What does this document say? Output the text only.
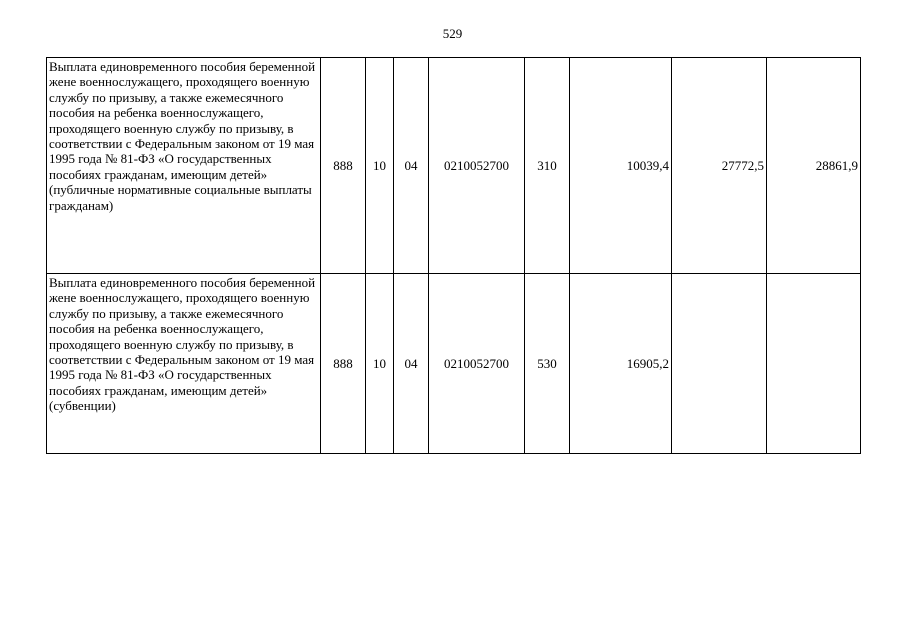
529
Выплата единовременного пособия беременной жене военнослужащего, проходящего военную службу по призыву, а также ежемесячного пособия на ребенка военнослужащего, проходящего военную службу по призыву, в соответствии с Федеральным законом от 19 мая 1995 года № 81-ФЗ «О государственных пособиях гражданам, имеющим детей» (публичные нормативные социальные выплаты гражданам)	888	10	04	0210052700	310	10039,4	27772,5	28861,9
Выплата единовременного пособия беременной жене военнослужащего, проходящего военную службу по призыву, а также ежемесячного пособия на ребенка военнослужащего, проходящего военную службу по призыву, в соответствии с Федеральным законом от 19 мая 1995 года № 81-ФЗ «О государственных пособиях гражданам, имеющим детей» (субвенции)	888	10	04	0210052700	530	16905,2		
